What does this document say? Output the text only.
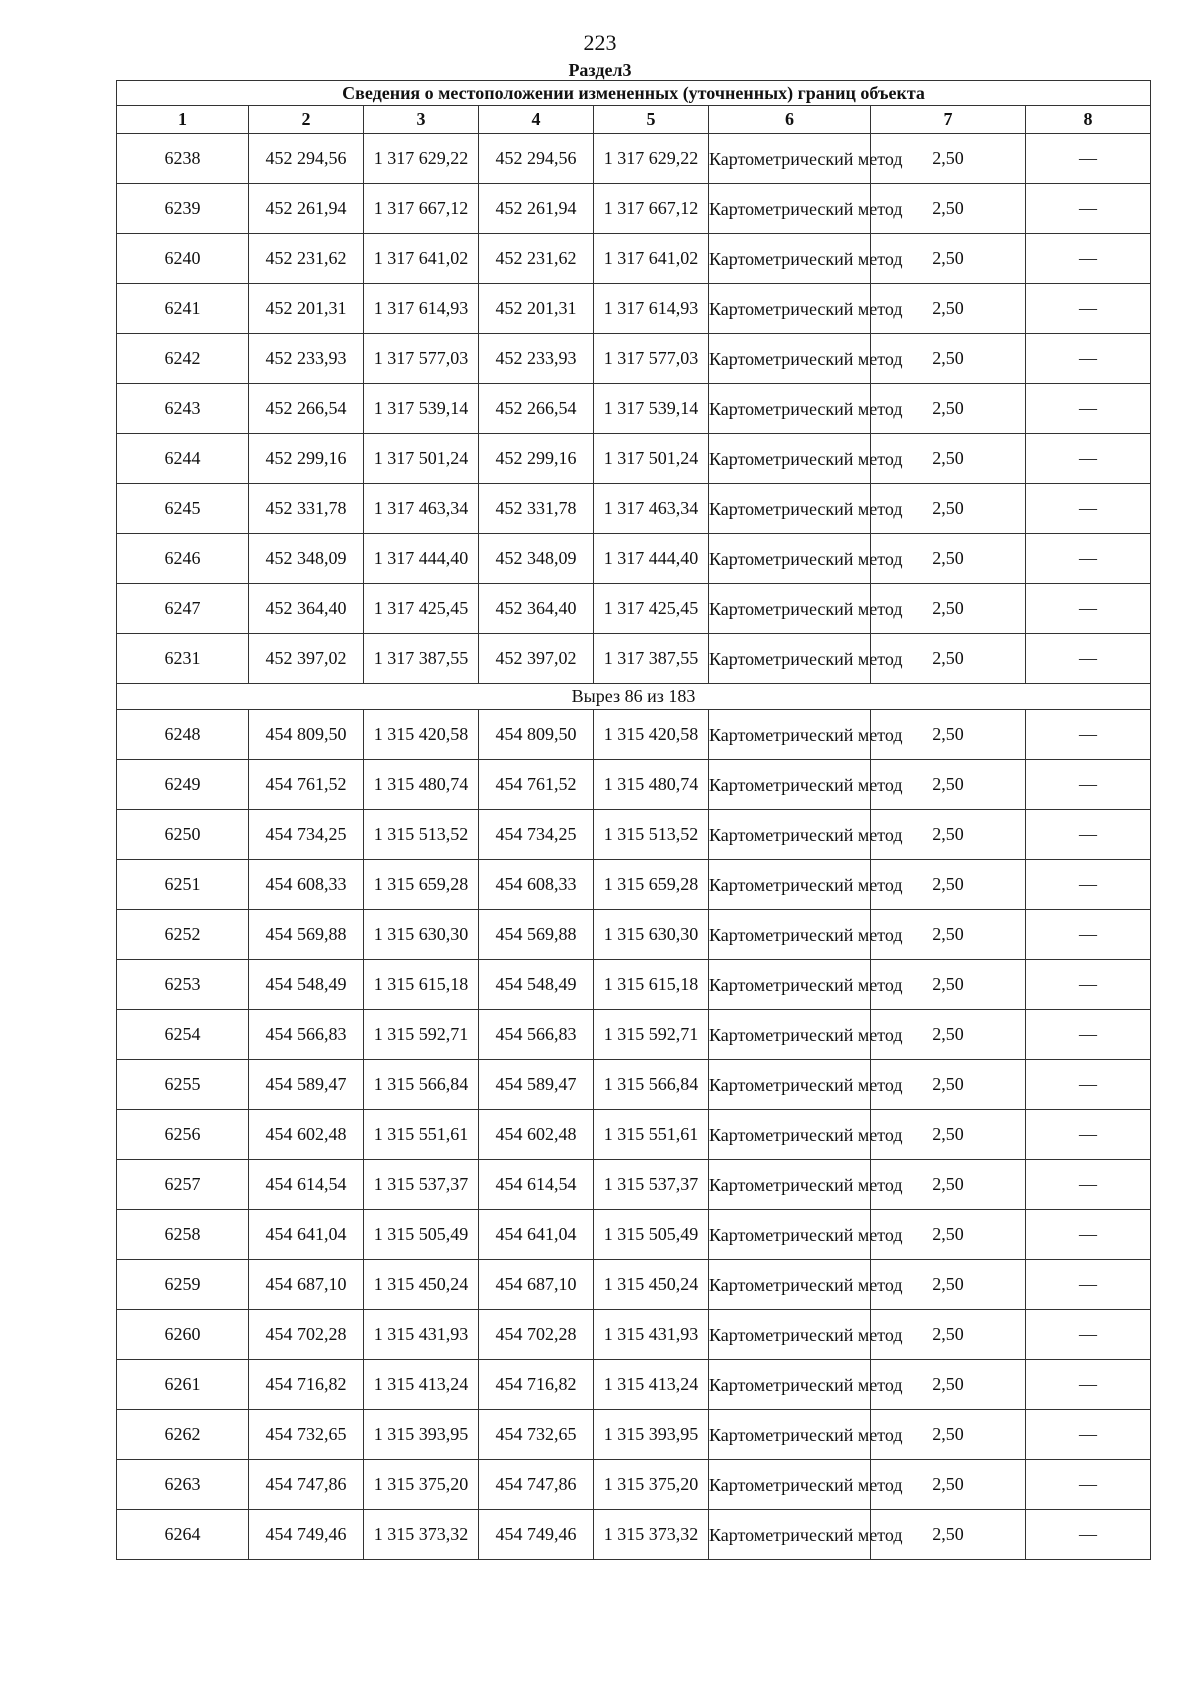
223
Раздел3
Сведения о местоположении измененных (уточненных) границ объекта							
1	2	3	4	5	6	7	8
6238	452 294,56	1 317 629,22	452 294,56	1 317 629,22	Картометрический метод	2,50	—
6239	452 261,94	1 317 667,12	452 261,94	1 317 667,12	Картометрический метод	2,50	—
6240	452 231,62	1 317 641,02	452 231,62	1 317 641,02	Картометрический метод	2,50	—
6241	452 201,31	1 317 614,93	452 201,31	1 317 614,93	Картометрический метод	2,50	—
6242	452 233,93	1 317 577,03	452 233,93	1 317 577,03	Картометрический метод	2,50	—
6243	452 266,54	1 317 539,14	452 266,54	1 317 539,14	Картометрический метод	2,50	—
6244	452 299,16	1 317 501,24	452 299,16	1 317 501,24	Картометрический метод	2,50	—
6245	452 331,78	1 317 463,34	452 331,78	1 317 463,34	Картометрический метод	2,50	—
6246	452 348,09	1 317 444,40	452 348,09	1 317 444,40	Картометрический метод	2,50	—
6247	452 364,40	1 317 425,45	452 364,40	1 317 425,45	Картометрический метод	2,50	—
6231	452 397,02	1 317 387,55	452 397,02	1 317 387,55	Картометрический метод	2,50	—
Вырез 86 из 183							
6248	454 809,50	1 315 420,58	454 809,50	1 315 420,58	Картометрический метод	2,50	—
6249	454 761,52	1 315 480,74	454 761,52	1 315 480,74	Картометрический метод	2,50	—
6250	454 734,25	1 315 513,52	454 734,25	1 315 513,52	Картометрический метод	2,50	—
6251	454 608,33	1 315 659,28	454 608,33	1 315 659,28	Картометрический метод	2,50	—
6252	454 569,88	1 315 630,30	454 569,88	1 315 630,30	Картометрический метод	2,50	—
6253	454 548,49	1 315 615,18	454 548,49	1 315 615,18	Картометрический метод	2,50	—
6254	454 566,83	1 315 592,71	454 566,83	1 315 592,71	Картометрический метод	2,50	—
6255	454 589,47	1 315 566,84	454 589,47	1 315 566,84	Картометрический метод	2,50	—
6256	454 602,48	1 315 551,61	454 602,48	1 315 551,61	Картометрический метод	2,50	—
6257	454 614,54	1 315 537,37	454 614,54	1 315 537,37	Картометрический метод	2,50	—
6258	454 641,04	1 315 505,49	454 641,04	1 315 505,49	Картометрический метод	2,50	—
6259	454 687,10	1 315 450,24	454 687,10	1 315 450,24	Картометрический метод	2,50	—
6260	454 702,28	1 315 431,93	454 702,28	1 315 431,93	Картометрический метод	2,50	—
6261	454 716,82	1 315 413,24	454 716,82	1 315 413,24	Картометрический метод	2,50	—
6262	454 732,65	1 315 393,95	454 732,65	1 315 393,95	Картометрический метод	2,50	—
6263	454 747,86	1 315 375,20	454 747,86	1 315 375,20	Картометрический метод	2,50	—
6264	454 749,46	1 315 373,32	454 749,46	1 315 373,32	Картометрический метод	2,50	—
